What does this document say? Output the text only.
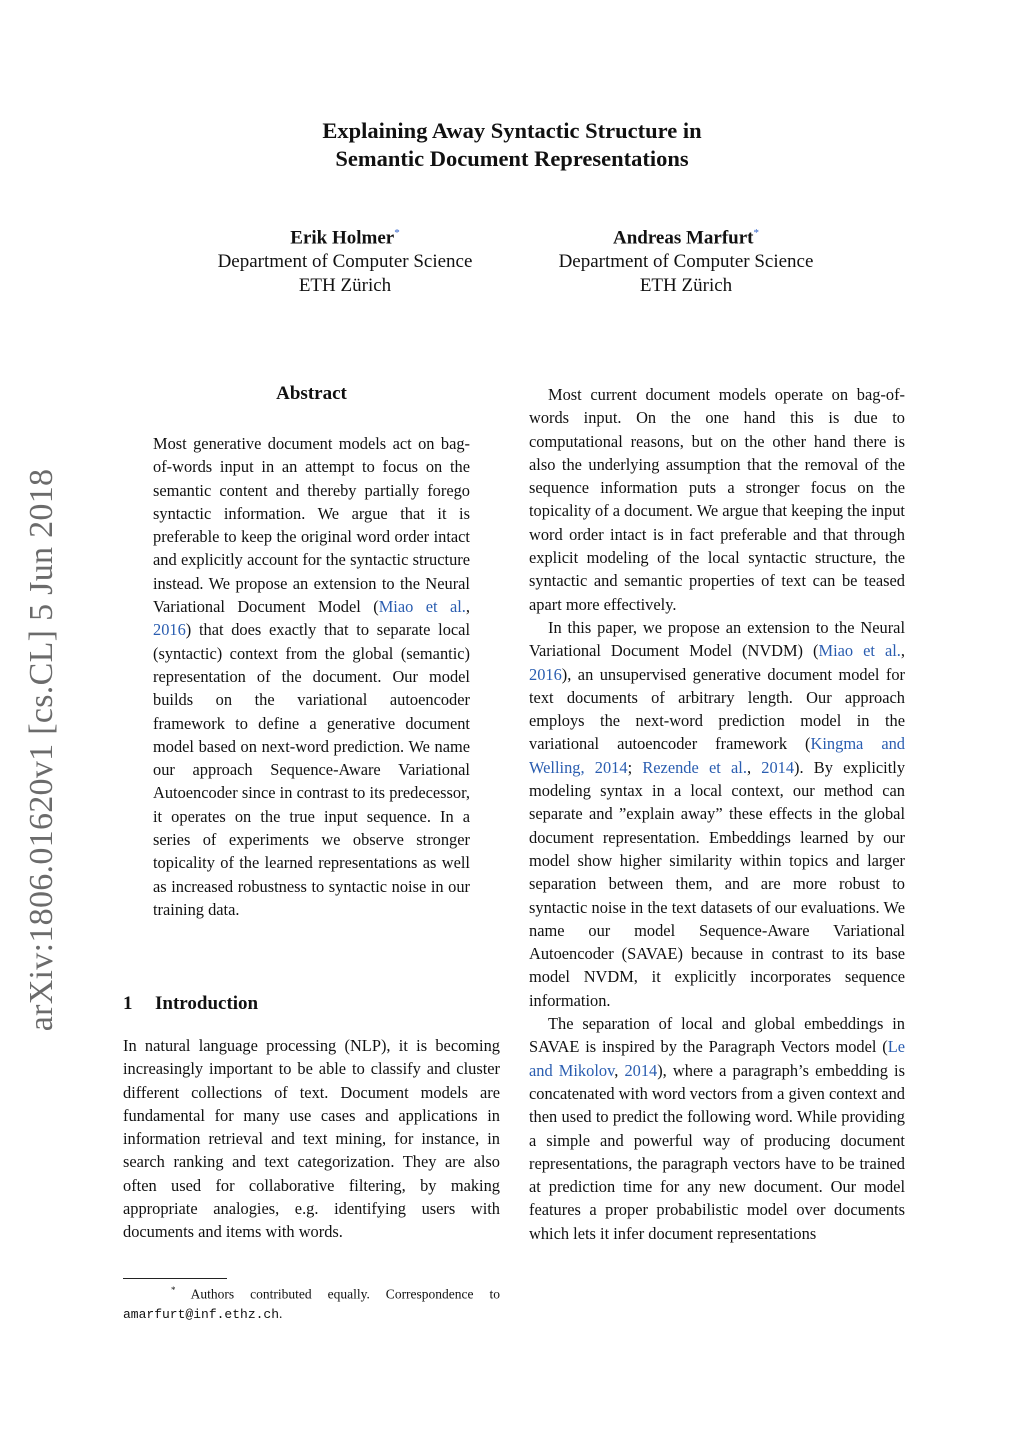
arXiv:1806.01620v1 [cs.CL] 5 Jun 2018
Explaining Away Syntactic Structure in
Semantic Document Representations
Erik Holmer*
Department of Computer Science
ETH Zürich
Andreas Marfurt*
Department of Computer Science
ETH Zürich
Abstract
Most generative document models act on bag-of-words input in an attempt to focus on the semantic content and thereby partially forego syntactic information. We argue that it is preferable to keep the original word order intact and explicitly account for the syntactic structure instead. We propose an extension to the Neural Variational Document Model (Miao et al., 2016) that does exactly that to separate local (syntactic) context from the global (semantic) representation of the document. Our model builds on the variational autoencoder framework to define a generative document model based on next-word prediction. We name our approach Sequence-Aware Variational Autoencoder since in contrast to its predecessor, it operates on the true input sequence. In a series of experiments we observe stronger topicality of the learned representations as well as increased robustness to syntactic noise in our training data.
1 Introduction
In natural language processing (NLP), it is becoming increasingly important to be able to classify and cluster different collections of text. Document models are fundamental for many use cases and applications in information retrieval and text mining, for instance, in search ranking and text categorization. They are also often used for collaborative filtering, by making appropriate analogies, e.g. identifying users with documents and items with words.
* Authors contributed equally. Correspondence to amarfurt@inf.ethz.ch.

Most current document models operate on bag-of-words input. On the one hand this is due to computational reasons, but on the other hand there is also the underlying assumption that the removal of the sequence information puts a stronger focus on the topicality of a document. We argue that keeping the input word order intact is in fact preferable and that through explicit modeling of the local syntactic structure, the syntactic and semantic properties of text can be teased apart more effectively.

In this paper, we propose an extension to the Neural Variational Document Model (NVDM) (Miao et al., 2016), an unsupervised generative document model for text documents of arbitrary length. Our approach employs the next-word prediction model in the variational autoencoder framework (Kingma and Welling, 2014; Rezende et al., 2014). By explicitly modeling syntax in a local context, our method can separate and ”explain away” these effects in the global document representation. Embeddings learned by our model show higher similarity within topics and larger separation between them, and are more robust to syntactic noise in the text datasets of our evaluations. We name our model Sequence-Aware Variational Autoencoder (SAVAE) because in contrast to its base model NVDM, it explicitly incorporates sequence information.

The separation of local and global embeddings in SAVAE is inspired by the Paragraph Vectors model (Le and Mikolov, 2014), where a paragraph’s embedding is concatenated with word vectors from a given context and then used to predict the following word. While providing a simple and powerful way of producing document representations, the paragraph vectors have to be trained at prediction time for any new document. Our model features a proper probabilistic model over documents which lets it infer document representations
